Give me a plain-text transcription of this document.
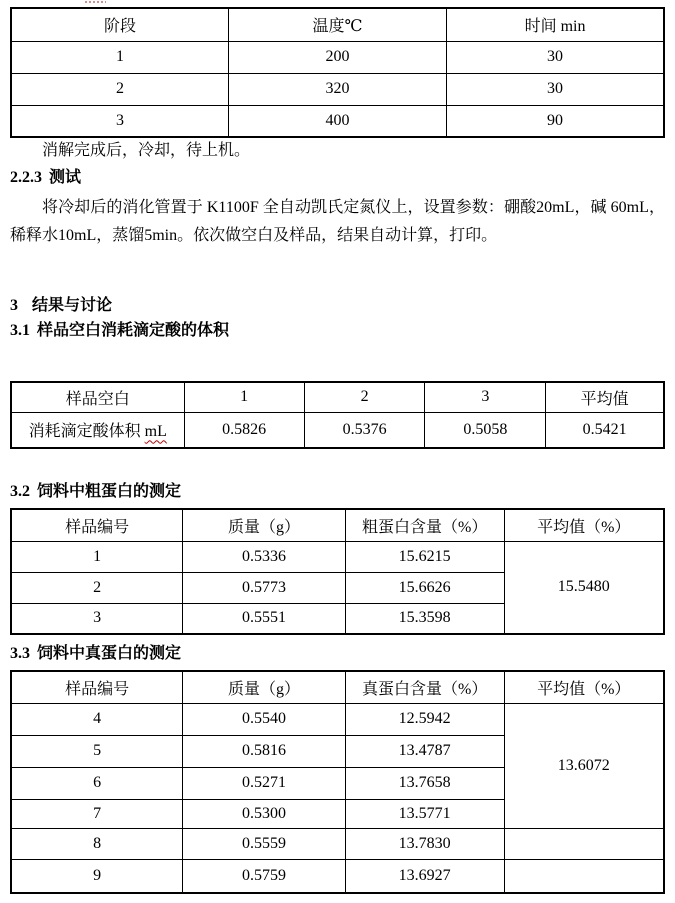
阶段	温度℃	时间 min
1	200	30
2	320	30
3	400	90

消解完成后，冷却，待上机。

2.2.3 测试

将冷却后的消化管置于 K1100F 全自动凯氏定氮仪上，设置参数：硼酸20mL，碱 60mL，稀释水10mL，蒸馏5min。依次做空白及样品，结果自动计算，打印。

3 结果与讨论

3.1 样品空白消耗滴定酸的体积

样品空白	1	2	3	平均值
消耗滴定酸体积 mL	0.5826	0.5376	0.5058	0.5421

3.2 饲料中粗蛋白的测定

样品编号	质量（g）	粗蛋白含量（%）	平均值（%）
1	0.5336	15.6215	15.5480
2	0.5773	15.6626	
3	0.5551	15.3598	

3.3 饲料中真蛋白的测定

样品编号	质量（g）	真蛋白含量（%）	平均值（%）
4	0.5540	12.5942	13.6072
5	0.5816	13.4787	
6	0.5271	13.7658	
7	0.5300	13.5771	
8	0.5559	13.7830	
9	0.5759	13.6927	
